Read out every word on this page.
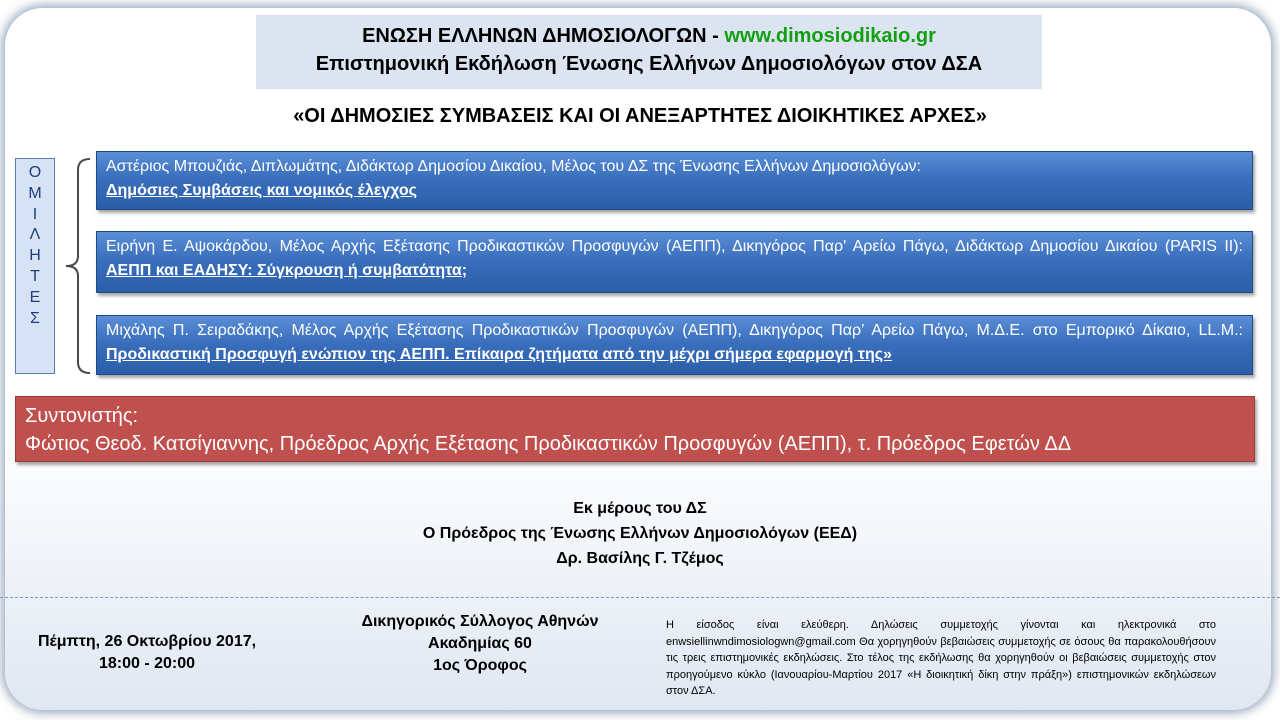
ΕΝΩΣΗ ΕΛΛΗΝΩΝ ΔΗΜΟΣΙΟΛΟΓΩΝ - www.dimosiodikaio.gr
Επιστημονική Εκδήλωση Ένωσης Ελλήνων Δημοσιολόγων στον ΔΣΑ
«ΟΙ ΔΗΜΟΣΙΕΣ ΣΥΜΒΑΣΕΙΣ ΚΑΙ ΟΙ ΑΝΕΞΑΡΤΗΤΕΣ ΔΙΟΙΚΗΤΙΚΕΣ ΑΡΧΕΣ»
Ο
Μ
Ι
Λ
Η
Τ
Ε
Σ
Αστέριος Μπουζιάς, Διπλωμάτης, Διδάκτωρ Δημοσίου Δικαίου, Μέλος του ΔΣ της Ένωσης Ελλήνων Δημοσιολόγων:
Δημόσιες Συμβάσεις και νομικός έλεγχος
Ειρήνη Ε. Αψοκάρδου, Μέλος Αρχής Εξέτασης Προδικαστικών Προσφυγών (ΑΕΠΠ), Δικηγόρος Παρ' Αρείω Πάγω, Διδάκτωρ Δημοσίου Δικαίου (PARIS II): ΑΕΠΠ και ΕΑΔΗΣΥ: Σύγκρουση ή συμβατότητα;
Μιχάλης Π. Σειραδάκης, Μέλος Αρχής Εξέτασης Προδικαστικών Προσφυγών (ΑΕΠΠ), Δικηγόρος Παρ’ Αρείω Πάγω, Μ.Δ.Ε. στο Εμπορικό Δίκαιο, LL.M.: Προδικαστική Προσφυγή ενώπιον της ΑΕΠΠ. Επίκαιρα ζητήματα από την μέχρι σήμερα εφαρμογή της»
Συντονιστής:
Φώτιος Θεοδ. Κατσίγιαννης, Πρόεδρος Αρχής Εξέτασης Προδικαστικών Προσφυγών (ΑΕΠΠ), τ. Πρόεδρος Εφετών ΔΔ
Εκ μέρους του ΔΣ
Ο Πρόεδρος της Ένωσης Ελλήνων Δημοσιολόγων (ΕΕΔ)
Δρ. Βασίλης Γ. Τζέμος
Πέμπτη, 26 Οκτωβρίου 2017,
18:00 - 20:00
Δικηγορικός Σύλλογος Αθηνών
Ακαδημίας 60
1ος Όροφος
Η είσοδος είναι ελεύθερη. Δηλώσεις συμμετοχής γίνονται και ηλεκτρονικά στο enwsiellinwndimosiologwn@gmail.com Θα χορηγηθούν βεβαιώσεις συμμετοχής σε όσους θα παρακολουθήσουν τις τρεις επιστημονικές εκδηλώσεις. Στο τέλος της εκδήλωσης θα χορηγηθούν οι βεβαιώσεις συμμετοχής στον προηγούμενο κύκλο (Ιανουαρίου-Μαρτίου 2017 «Η διοικητική δίκη στην πράξη») επιστημονικών εκδηλώσεων στον ΔΣΑ.
